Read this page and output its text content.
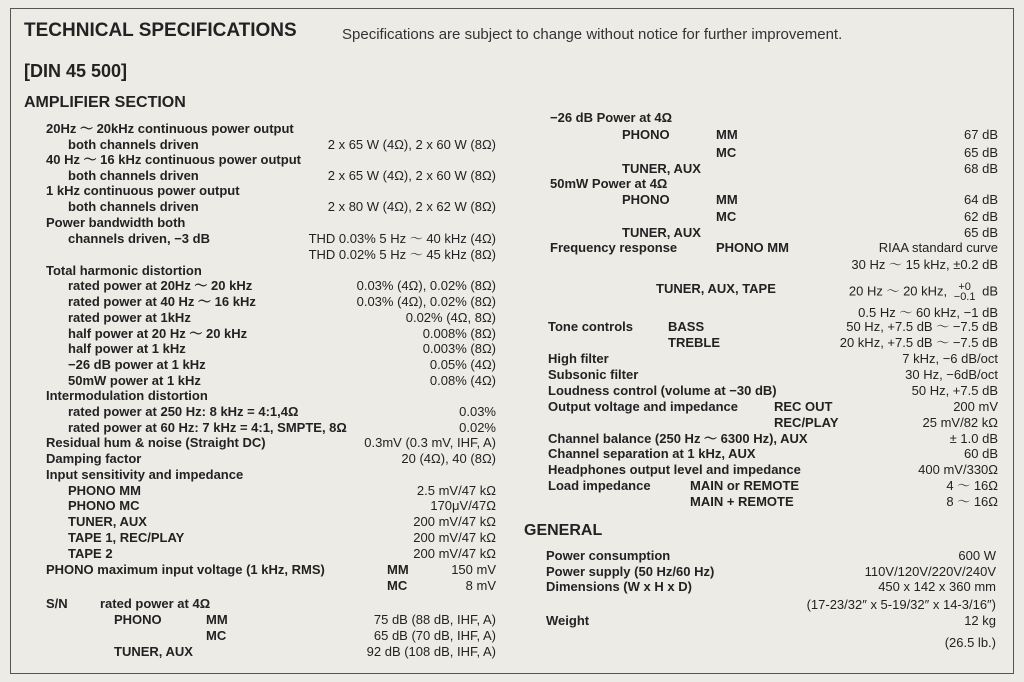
TECHNICAL SPECIFICATIONS	Specifications are subject to change without notice for further improvement.
[DIN 45 500]
AMPLIFIER SECTION
GENERAL
20Hz ～ 20kHz continuous power output
both channels driven	2 x 65 W (4Ω), 2 x 60 W (8Ω)
40 Hz ～ 16 kHz continuous power output
both channels driven	2 x 65 W (4Ω), 2 x 60 W (8Ω)
1 kHz continuous power output
both channels driven	2 x 80 W (4Ω), 2 x 62 W (8Ω)
Power bandwidth both
channels driven, −3 dB	THD 0.03% 5 Hz ～ 40 kHz (4Ω)
THD 0.02% 5 Hz ～ 45 kHz (8Ω)
Total harmonic distortion
rated power at 20Hz ～ 20 kHz	0.03% (4Ω), 0.02% (8Ω)
rated power at 40 Hz ～ 16 kHz	0.03% (4Ω), 0.02% (8Ω)
rated power at 1kHz	0.02% (4Ω, 8Ω)
half power at 20 Hz ～ 20 kHz	0.008% (8Ω)
half power at 1 kHz	0.003% (8Ω)
−26 dB power at 1 kHz	0.05% (4Ω)
50mW power at 1 kHz	0.08% (4Ω)
Intermodulation distortion
rated power at 250 Hz: 8 kHz = 4:1,4Ω	0.03%
rated power at 60 Hz: 7 kHz = 4:1, SMPTE, 8Ω	0.02%
Residual hum & noise (Straight DC)	0.3mV (0.3 mV, IHF, A)
Damping factor	20 (4Ω), 40 (8Ω)
Input sensitivity and impedance
PHONO MM	2.5 mV/47 kΩ
PHONO MC	170μV/47Ω
TUNER, AUX	200 mV/47 kΩ
TAPE 1, REC/PLAY	200 mV/47 kΩ
TAPE 2	200 mV/47 kΩ
PHONO maximum input voltage (1 kHz, RMS)	MM	150 mV
MC	8 mV
S/N rated power at 4Ω
PHONO	MM	75 dB (88 dB, IHF, A)
MC	65 dB (70 dB, IHF, A)
TUNER, AUX	92 dB (108 dB, IHF, A)
−26 dB Power at 4Ω
PHONO	MM	67 dB
MC	65 dB
TUNER, AUX	68 dB
50mW Power at 4Ω
PHONO	MM	64 dB
MC	62 dB
TUNER, AUX	65 dB
Frequency response	PHONO MM	RIAA standard curve
30 Hz ～ 15 kHz, ±0.2 dB
TUNER, AUX, TAPE	20 Hz ～ 20 kHz, +0
−0.1 dB
0.5 Hz ～ 60 kHz, −1 dB
Tone controls	BASS	50 Hz, +7.5 dB ～ −7.5 dB
TREBLE	20 kHz, +7.5 dB ～ −7.5 dB
High filter	7 kHz, −6 dB/oct
Subsonic filter	30 Hz, −6dB/oct
Loudness control (volume at −30 dB)	50 Hz, +7.5 dB
Output voltage and impedance	REC OUT	200 mV
REC/PLAY	25 mV/82 kΩ
Channel balance (250 Hz ～ 6300 Hz), AUX	± 1.0 dB
Channel separation at 1 kHz, AUX	60 dB
Headphones output level and impedance	400 mV/330Ω
Load impedance	MAIN or REMOTE	4 ～ 16Ω
MAIN + REMOTE	8 ～ 16Ω
Power consumption	600 W
Power supply (50 Hz/60 Hz)	110V/120V/220V/240V
Dimensions (W x H x D)	450 x 142 x 360 mm
(17-23/32″ x 5-19/32″ x 14-3/16″)
Weight	12 kg
(26.5 lb.)
